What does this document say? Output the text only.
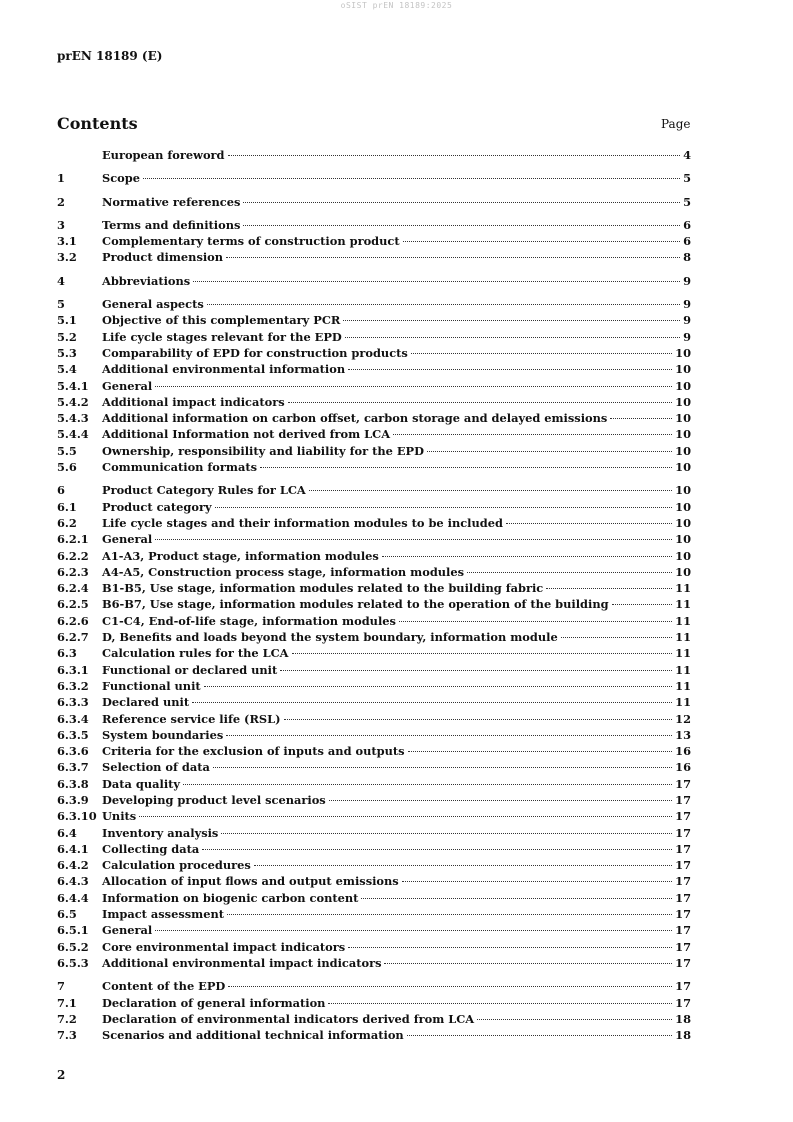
oSIST prEN 18189:2025
prEN 18189 (E)
Contents	Page
European foreword	4
1	Scope	5
2	Normative references	5
3	Terms and definitions	6
3.1	Complementary terms of construction product	6
3.2	Product dimension	8
4	Abbreviations	9
5	General aspects	9
5.1	Objective of this complementary PCR	9
5.2	Life cycle stages relevant for the EPD	9
5.3	Comparability of EPD for construction products	10
5.4	Additional environmental information	10
5.4.1	General	10
5.4.2	Additional impact indicators	10
5.4.3	Additional information on carbon offset, carbon storage and delayed emissions	10
5.4.4	Additional Information not derived from LCA	10
5.5	Ownership, responsibility and liability for the EPD	10
5.6	Communication formats	10
6	Product Category Rules for LCA	10
6.1	Product category	10
6.2	Life cycle stages and their information modules to be included	10
6.2.1	General	10
6.2.2	A1-A3, Product stage, information modules	10
6.2.3	A4-A5, Construction process stage, information modules	10
6.2.4	B1-B5, Use stage, information modules related to the building fabric	11
6.2.5	B6-B7, Use stage, information modules related to the operation of the building	11
6.2.6	C1-C4, End-of-life stage, information modules	11
6.2.7	D, Benefits and loads beyond the system boundary, information module	11
6.3	Calculation rules for the LCA	11
6.3.1	Functional or declared unit	11
6.3.2	Functional unit	11
6.3.3	Declared unit	11
6.3.4	Reference service life (RSL)	12
6.3.5	System boundaries	13
6.3.6	Criteria for the exclusion of inputs and outputs	16
6.3.7	Selection of data	16
6.3.8	Data quality	17
6.3.9	Developing product level scenarios	17
6.3.10 Units	17
6.4	Inventory analysis	17
6.4.1	Collecting data	17
6.4.2	Calculation procedures	17
6.4.3	Allocation of input flows and output emissions	17
6.4.4	Information on biogenic carbon content	17
6.5	Impact assessment	17
6.5.1	General	17
6.5.2	Core environmental impact indicators	17
6.5.3	Additional environmental impact indicators	17
7	Content of the EPD	17
7.1	Declaration of general information	17
7.2	Declaration of environmental indicators derived from LCA	18
7.3	Scenarios and additional technical information	18
2
